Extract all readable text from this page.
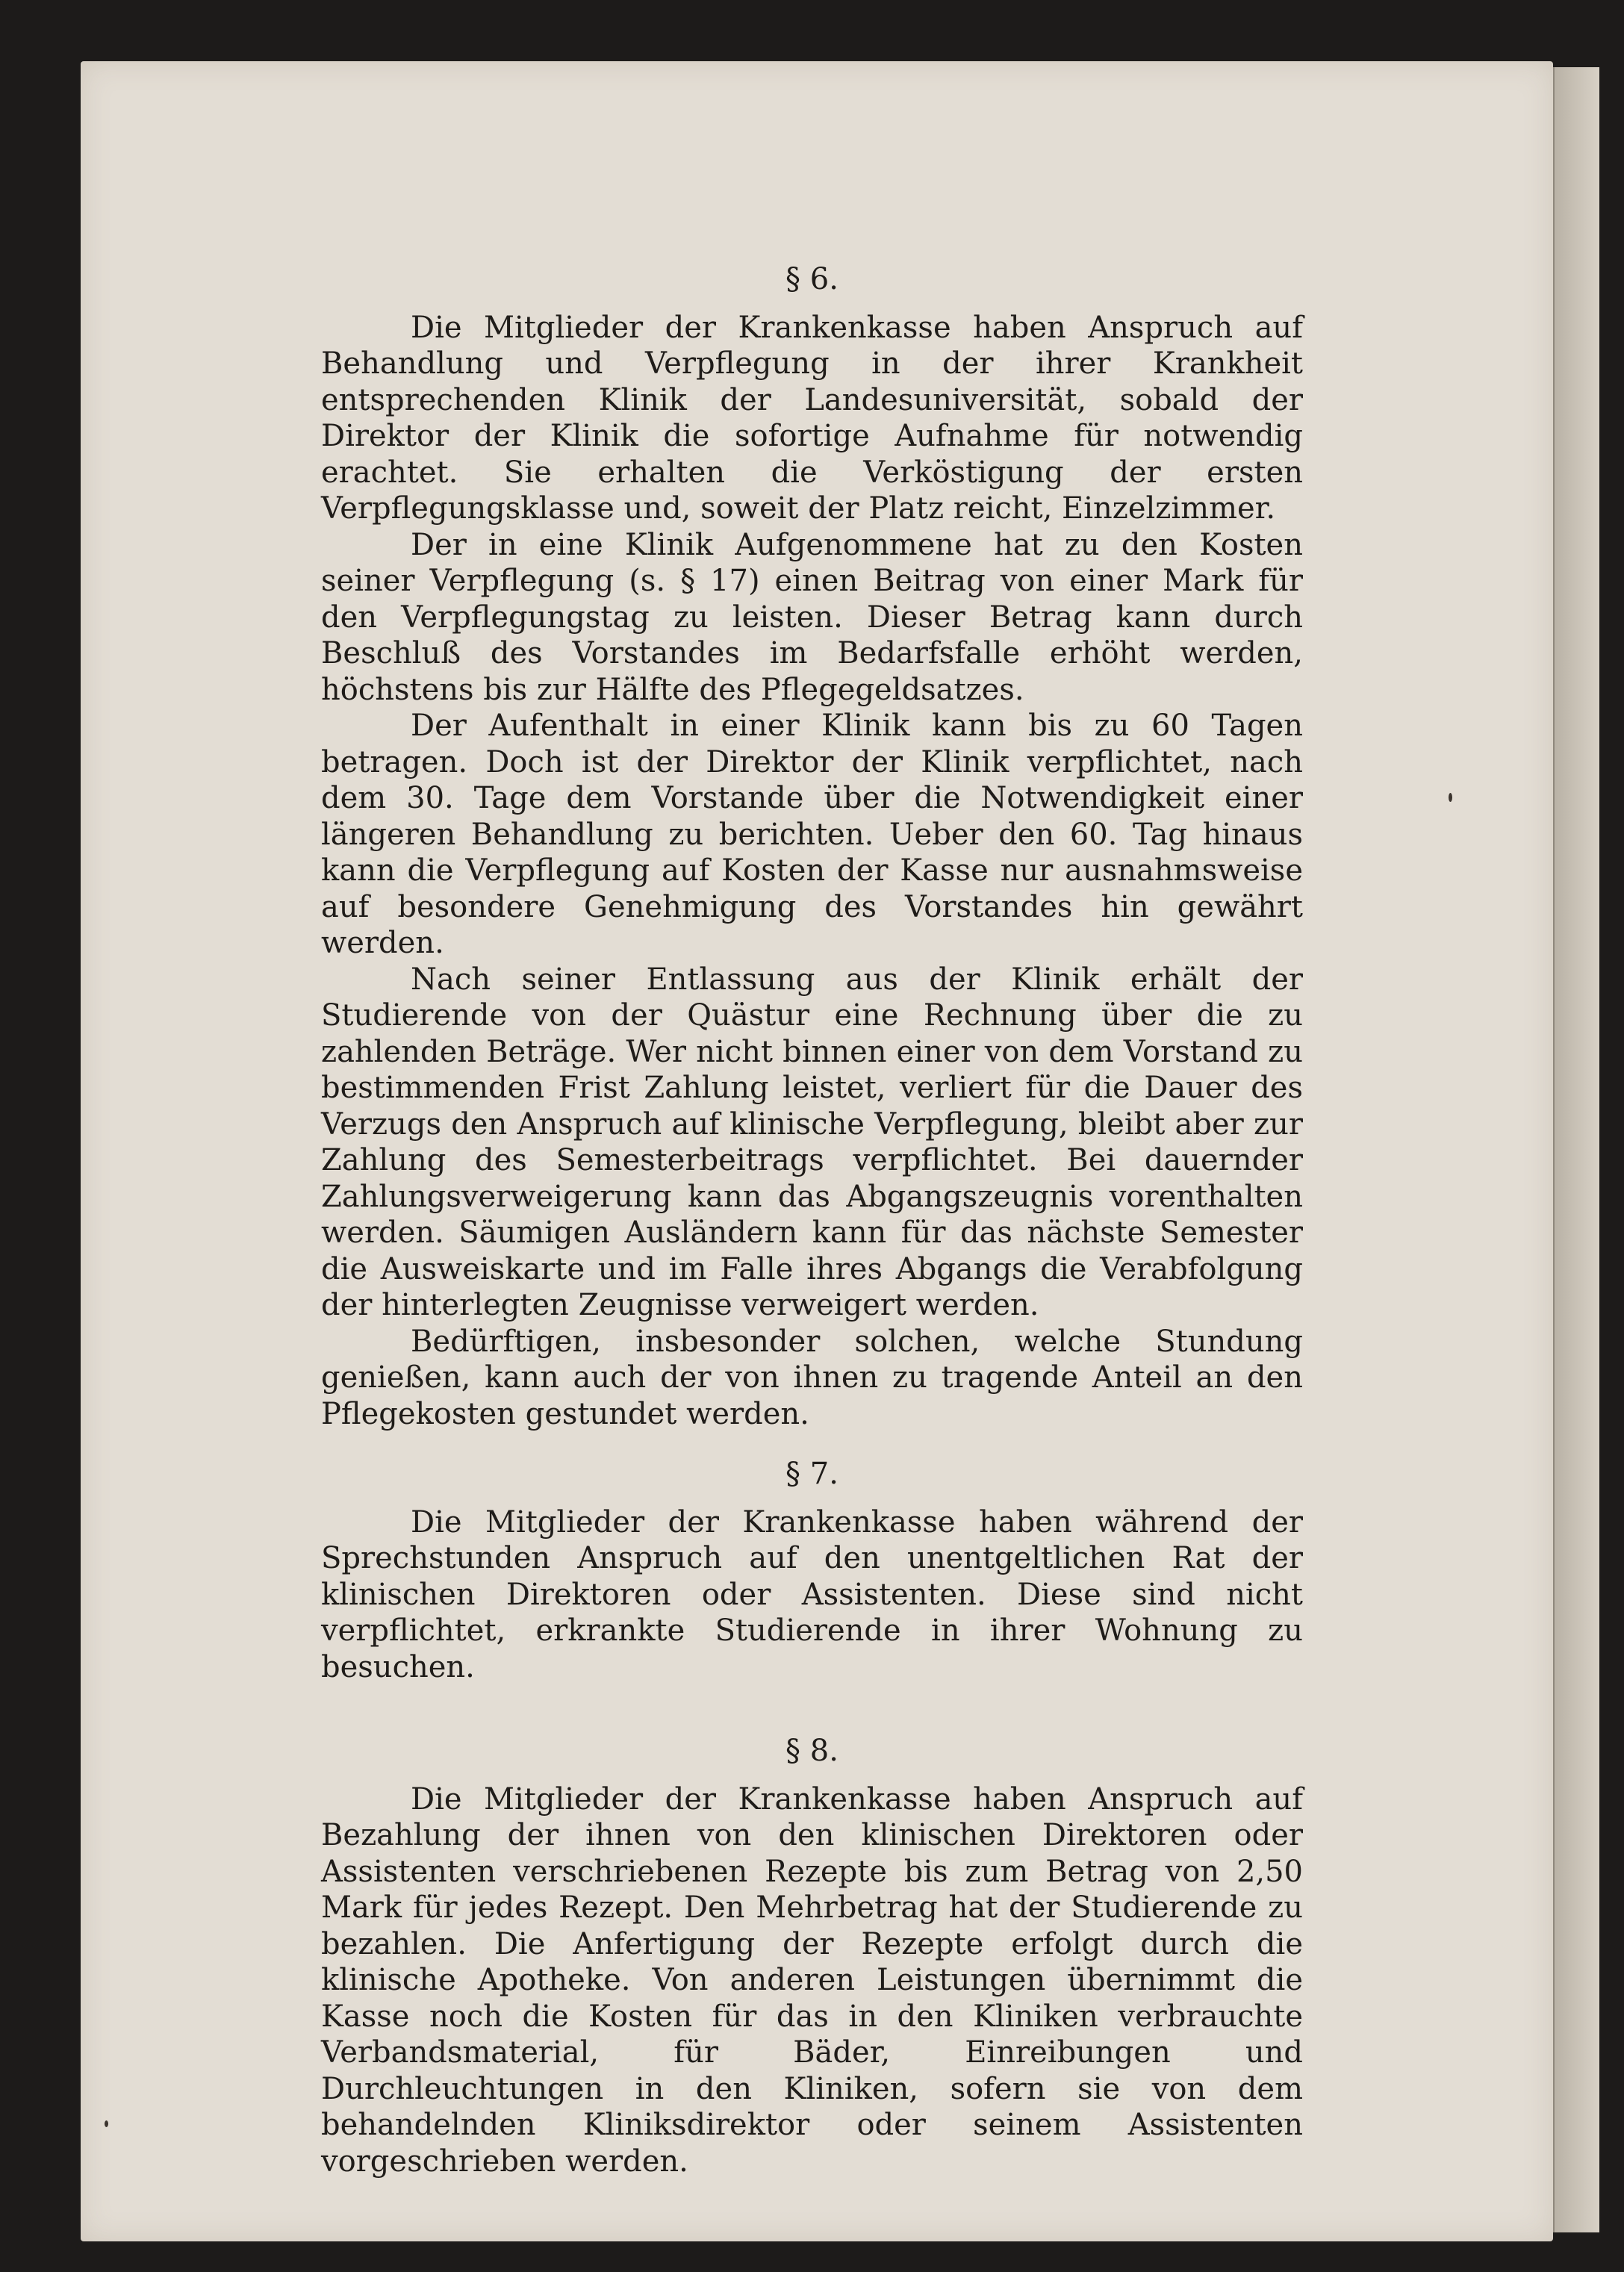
§ 6.

Die Mitglieder der Krankenkasse haben Anspruch auf Behandlung und Verpflegung in der ihrer Krankheit entsprechenden Klinik der Landesuniversität, sobald der Direktor der Klinik die sofortige Aufnahme für notwendig erachtet. Sie erhalten die Verköstigung der ersten Verpflegungsklasse und, soweit der Platz reicht, Einzelzimmer.

Der in eine Klinik Aufgenommene hat zu den Kosten seiner Verpflegung (s. § 17) einen Beitrag von einer Mark für den Verpflegungstag zu leisten. Dieser Betrag kann durch Beschluß des Vorstandes im Bedarfsfalle erhöht werden, höchstens bis zur Hälfte des Pflegegeldsatzes.

Der Aufenthalt in einer Klinik kann bis zu 60 Tagen betragen. Doch ist der Direktor der Klinik verpflichtet, nach dem 30. Tage dem Vorstande über die Notwendigkeit einer längeren Behandlung zu berichten. Ueber den 60. Tag hinaus kann die Verpflegung auf Kosten der Kasse nur ausnahmsweise auf besondere Genehmigung des Vorstandes hin gewährt werden.

Nach seiner Entlassung aus der Klinik erhält der Studierende von der Quästur eine Rechnung über die zu zahlenden Beträge. Wer nicht binnen einer von dem Vorstand zu bestimmenden Frist Zahlung leistet, verliert für die Dauer des Verzugs den Anspruch auf klinische Verpflegung, bleibt aber zur Zahlung des Semesterbeitrags verpflichtet. Bei dauernder Zahlungsverweigerung kann das Abgangszeugnis vorenthalten werden. Säumigen Ausländern kann für das nächste Semester die Ausweiskarte und im Falle ihres Abgangs die Verabfolgung der hinterlegten Zeugnisse verweigert werden.

Bedürftigen, insbesonder solchen, welche Stundung genießen, kann auch der von ihnen zu tragende Anteil an den Pflegekosten gestundet werden.

§ 7.

Die Mitglieder der Krankenkasse haben während der Sprechstunden Anspruch auf den unentgeltlichen Rat der klinischen Direktoren oder Assistenten. Diese sind nicht verpflichtet, erkrankte Studierende in ihrer Wohnung zu besuchen.

§ 8.

Die Mitglieder der Krankenkasse haben Anspruch auf Bezahlung der ihnen von den klinischen Direktoren oder Assistenten verschriebenen Rezepte bis zum Betrag von 2,50 Mark für jedes Rezept. Den Mehrbetrag hat der Studierende zu bezahlen. Die Anfertigung der Rezepte erfolgt durch die klinische Apotheke. Von anderen Leistungen übernimmt die Kasse noch die Kosten für das in den Kliniken verbrauchte Verbandsmaterial, für Bäder, Einreibungen und Durchleuchtungen in den Kliniken, sofern sie von dem behandelnden Kliniksdirektor oder seinem Assistenten vorgeschrieben werden.
